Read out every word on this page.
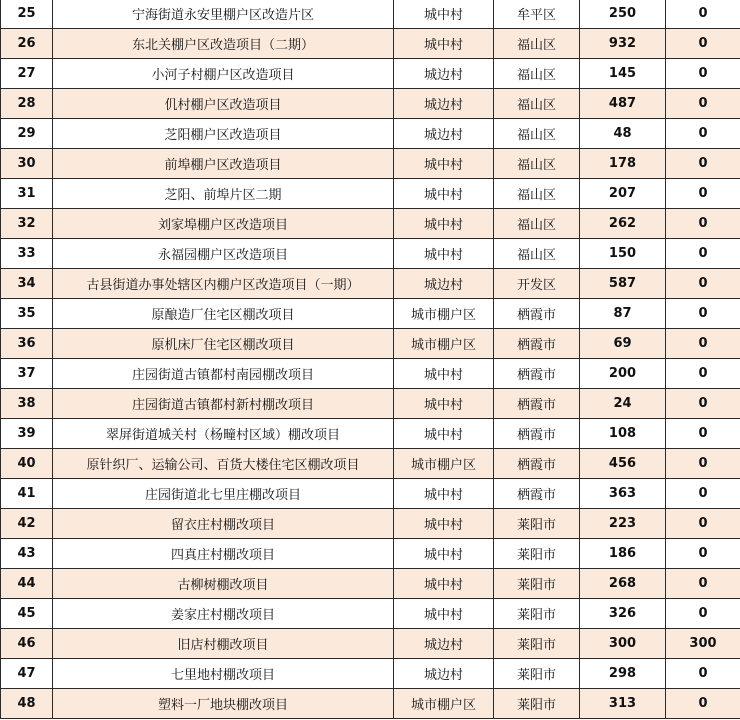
25	宁海街道永安里棚户区改造片区	城中村	牟平区	250	0
26	东北关棚户区改造项目（二期）	城中村	福山区	932	0
27	小河子村棚户区改造项目	城边村	福山区	145	0
28	仉村棚户区改造项目	城边村	福山区	487	0
29	芝阳棚户区改造项目	城边村	福山区	48	0
30	前埠棚户区改造项目	城中村	福山区	178	0
31	芝阳、前埠片区二期	城中村	福山区	207	0
32	刘家埠棚户区改造项目	城中村	福山区	262	0
33	永福园棚户区改造项目	城中村	福山区	150	0
34	古县街道办事处辖区内棚户区改造项目（一期）	城边村	开发区	587	0
35	原酿造厂住宅区棚改项目	城市棚户区	栖霞市	87	0
36	原机床厂住宅区棚改项目	城市棚户区	栖霞市	69	0
37	庄园街道古镇都村南园棚改项目	城中村	栖霞市	200	0
38	庄园街道古镇都村新村棚改项目	城中村	栖霞市	24	0
39	翠屏街道城关村（杨疃村区域）棚改项目	城中村	栖霞市	108	0
40	原针织厂、运输公司、百货大楼住宅区棚改项目	城市棚户区	栖霞市	456	0
41	庄园街道北七里庄棚改项目	城中村	栖霞市	363	0
42	留衣庄村棚改项目	城中村	莱阳市	223	0
43	四真庄村棚改项目	城中村	莱阳市	186	0
44	古柳树棚改项目	城中村	莱阳市	268	0
45	姜家庄村棚改项目	城中村	莱阳市	326	0
46	旧店村棚改项目	城边村	莱阳市	300	300
47	七里地村棚改项目	城边村	莱阳市	298	0
48	塑料一厂地块棚改项目	城市棚户区	莱阳市	313	0
